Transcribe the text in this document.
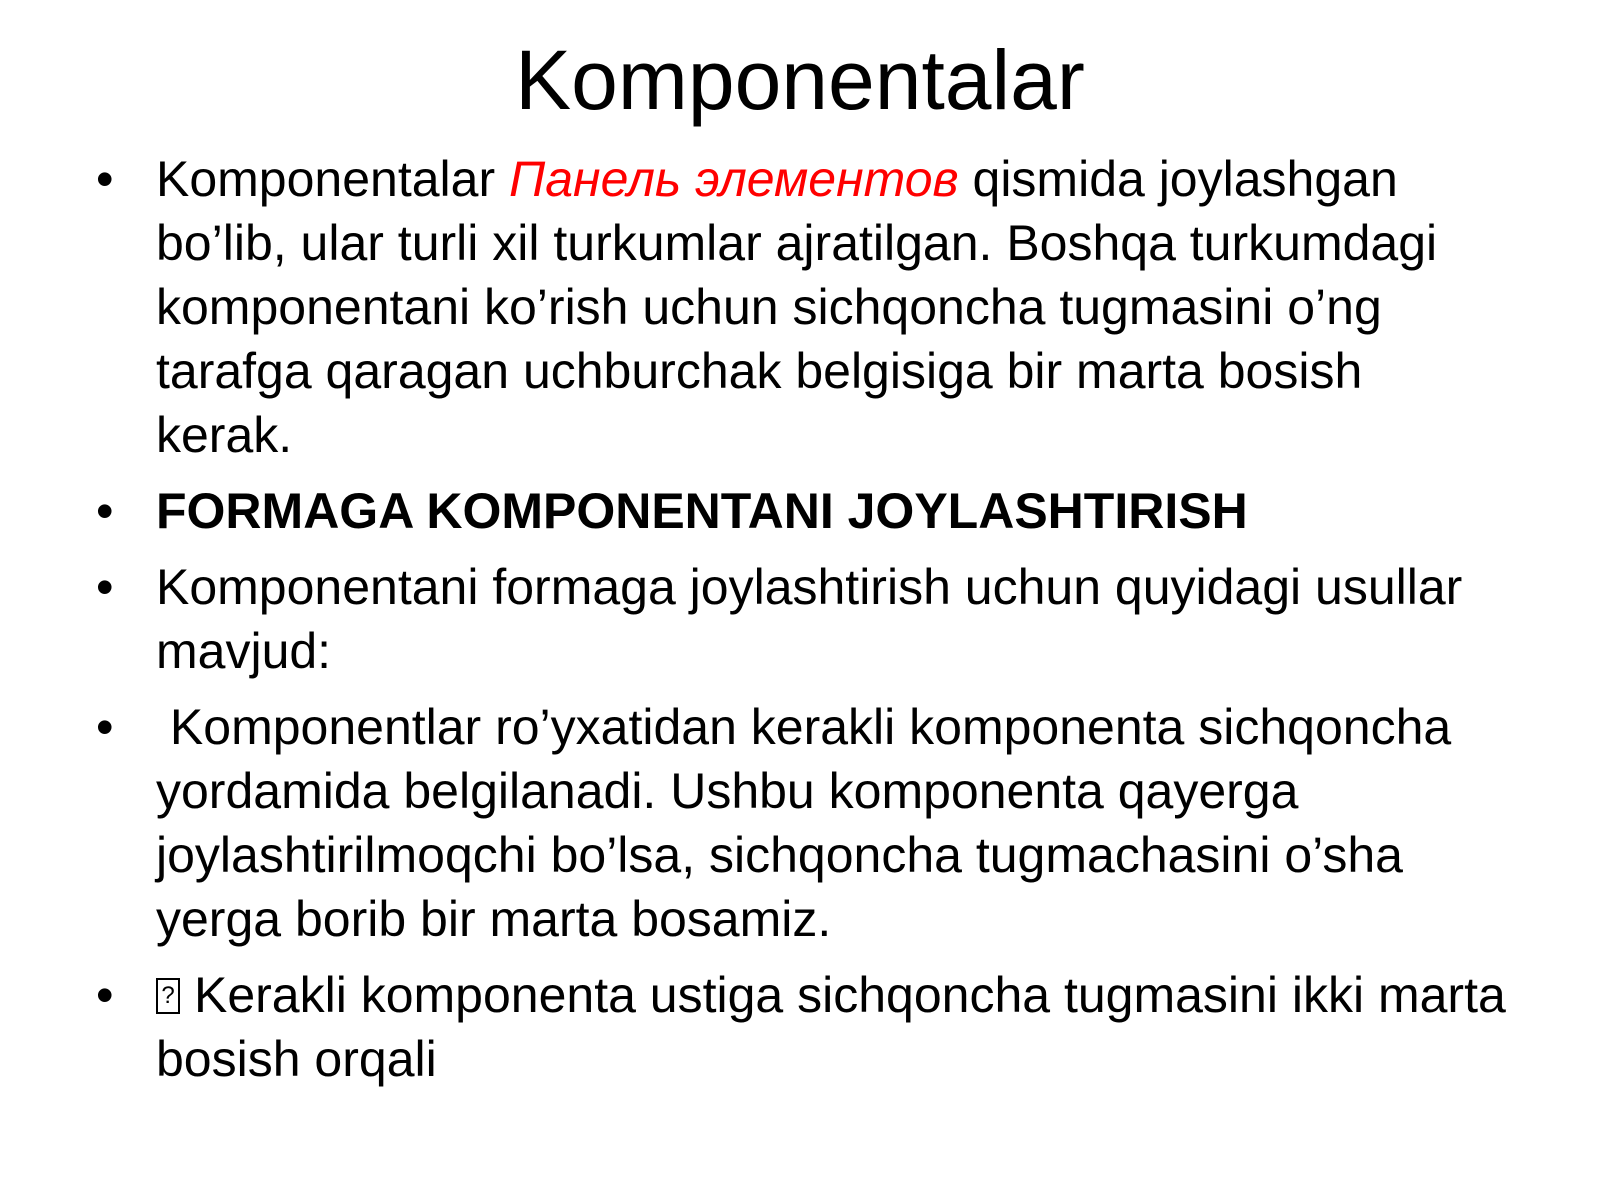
Komponentalar
• Komponentalar Панель элементов qismida joylashgan bo’lib, ular turli xil turkumlar ajratilgan. Boshqa turkumdagi komponentani ko’rish uchun sichqoncha tugmasini o’ng tarafga qaragan uchburchak belgisiga bir marta bosish kerak.
• FORMAGA KOMPONENTANI JOYLASHTIRISH
• Komponentani formaga joylashtirish uchun quyidagi usullar mavjud:
• Komponentlar ro’yxatidan kerakli komponenta sichqoncha yordamida belgilanadi. Ushbu komponenta qayerga joylashtirilmoqchi bo’lsa, sichqoncha tugmachasini o’sha yerga borib bir marta bosamiz.
•
? Kerakli komponenta ustiga sichqoncha tugmasini ikki marta bosish orqali
